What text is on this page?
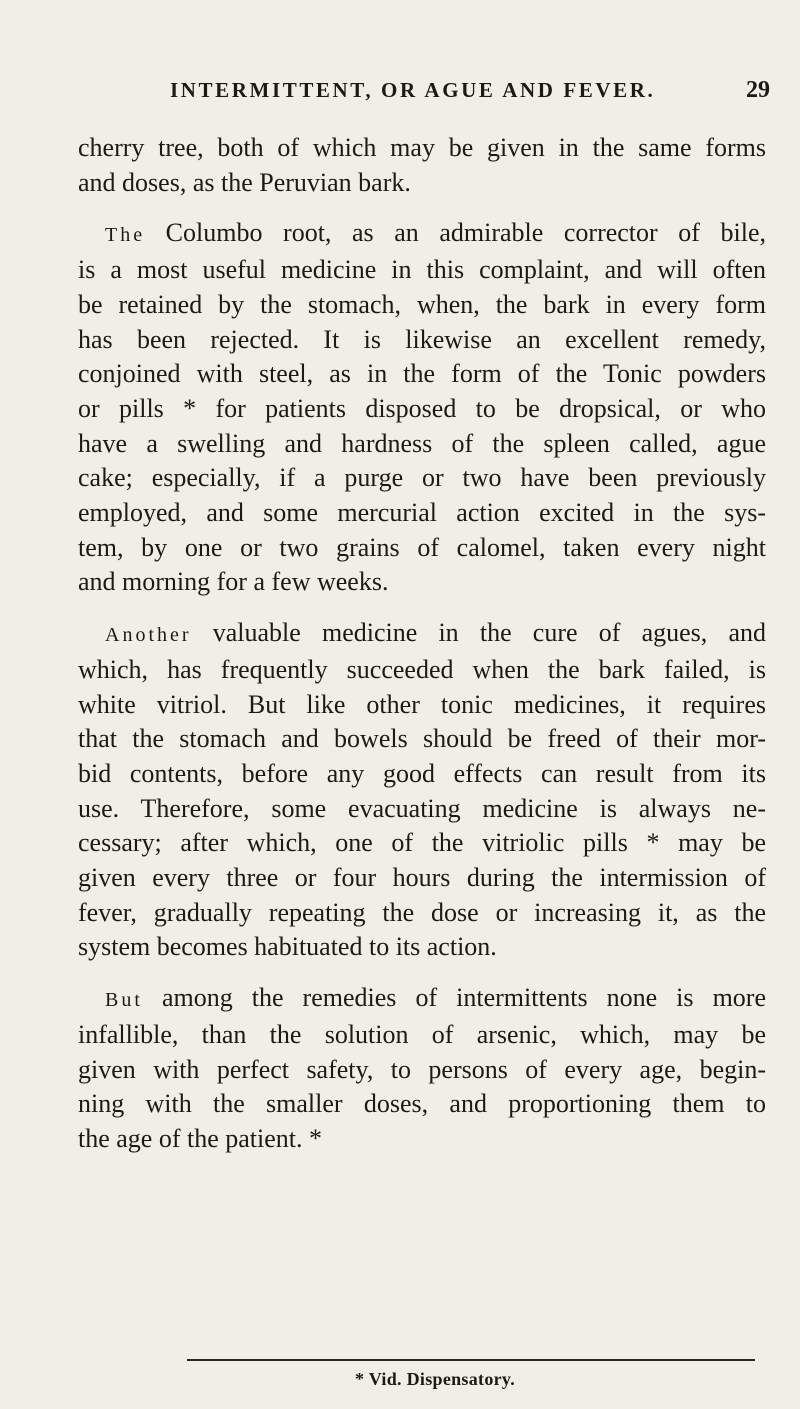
INTERMITTENT, OR AGUE AND FEVER.	29

cherry tree, both of which may be given in the same forms
and doses, as the Peruvian bark.

The Columbo root, as an admirable corrector of bile,
is a most useful medicine in this complaint, and will often
be retained by the stomach, when, the bark in every form
has been rejected. It is likewise an excellent remedy,
conjoined with steel, as in the form of the Tonic powders
or pills * for patients disposed to be dropsical, or who
have a swelling and hardness of the spleen called, ague
cake; especially, if a purge or two have been previously
employed, and some mercurial action excited in the sys-
tem, by one or two grains of calomel, taken every night
and morning for a few weeks.

Another valuable medicine in the cure of agues, and
which, has frequently succeeded when the bark failed, is
white vitriol. But like other tonic medicines, it requires
that the stomach and bowels should be freed of their mor-
bid contents, before any good effects can result from its
use. Therefore, some evacuating medicine is always ne-
cessary; after which, one of the vitriolic pills * may be
given every three or four hours during the intermission of
fever, gradually repeating the dose or increasing it, as the
system becomes habituated to its action.

But among the remedies of intermittents none is more
infallible, than the solution of arsenic, which, may be
given with perfect safety, to persons of every age, begin-
ning with the smaller doses, and proportioning them to
the age of the patient. *

* Vid. Dispensatory.
